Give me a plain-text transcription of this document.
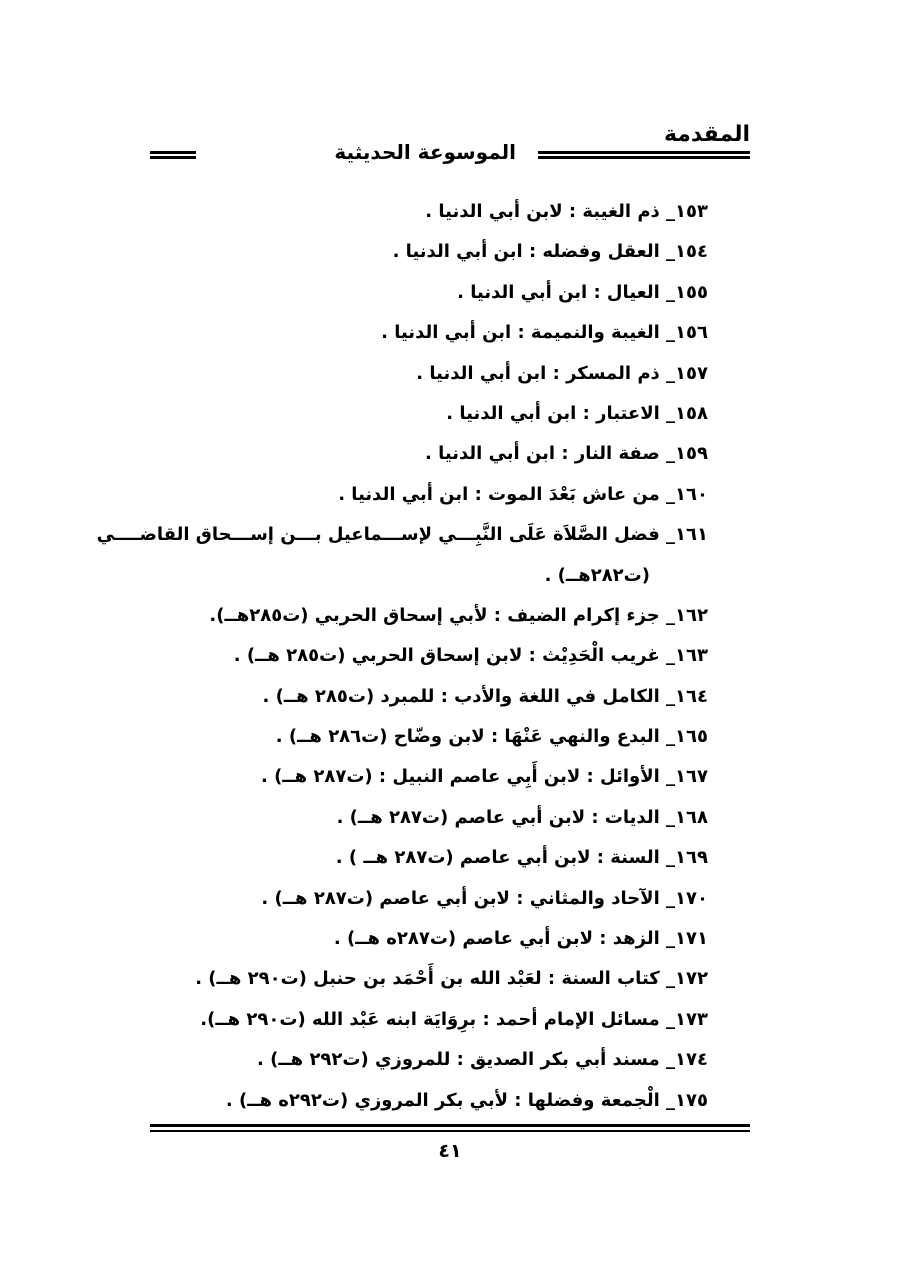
المقدمة
الموسوعة الحديثية
١٥٣_ ذم الغيبة : لابن أبي الدنيا .
١٥٤_ العقل وفضله : ابن أبي الدنيا .
١٥٥_ العيال : ابن أبي الدنيا .
١٥٦_ الغيبة والنميمة : ابن أبي الدنيا .
١٥٧_ ذم المسكر : ابن أبي الدنيا .
١٥٨_ الاعتبار : ابن أبي الدنيا .
١٥٩_ صفة النار : ابن أبي الدنيا .
١٦٠_ من عاش بَعْدَ الموت : ابن أبي الدنيا .
١٦١_ فضل الصَّلاَة عَلَى النَّبِـــي لإســـماعيل بـــن إســـحاق القاضــــي
(ت٢٨٢هــ) .
١٦٢_ جزء إكرام الضيف : لأبي إسحاق الحربي (ت٢٨٥هــ).
١٦٣_ غريب الْحَدِيْث : لابن إسحاق الحربي (ت٢٨٥ هــ) .
١٦٤_ الكامل في اللغة والأدب : للمبرد (ت٢٨٥ هــ) .
١٦٥_ البدع والنهي عَنْهَا : لابن وضّاح (ت٢٨٦ هــ) .
١٦٧_ الأوائل : لابن أَبِي عاصم النبيل : (ت٢٨٧ هــ) .
١٦٨_ الديات : لابن أبي عاصم (ت٢٨٧ هــ) .
١٦٩_ السنة : لابن أبي عاصم (ت٢٨٧ هــ ) .
١٧٠_ الآحاد والمثاني : لابن أبي عاصم (ت٢٨٧ هــ) .
١٧١_ الزهد : لابن أبي عاصم (ت٢٨٧ه هــ) .
١٧٢_ كتاب السنة : لعَبْد الله بن أَحْمَد بن حنبل (ت٢٩٠ هــ) .
١٧٣_ مسائل الإمام أحمد : برِوَايَة ابنه عَبْد الله (ت٢٩٠ هــ).
١٧٤_ مسند أبي بكر الصديق : للمروزي (ت٢٩٢ هــ) .
١٧٥_ الْجمعة وفضلها : لأبي بكر المروزي (ت٢٩٢ه هــ) .
٤١
